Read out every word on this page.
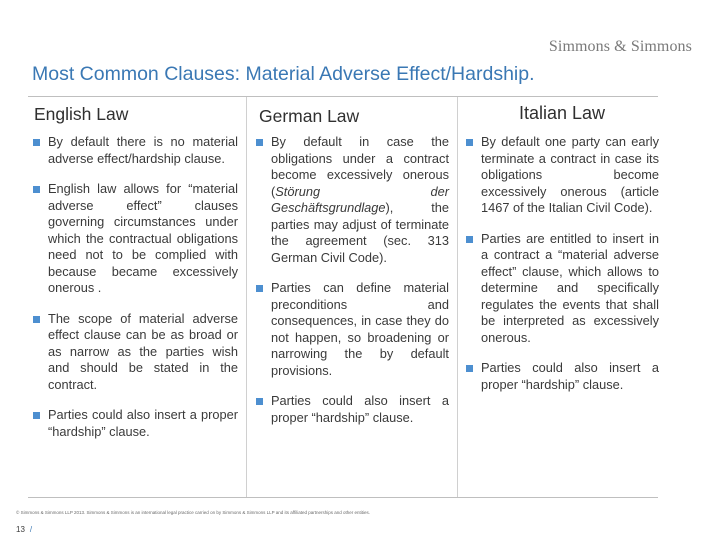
Simmons & Simmons
Most Common Clauses: Material Adverse Effect/Hardship.
English Law
By default there is no material adverse effect/hardship clause.
English law allows for “material adverse effect” clauses governing circumstances under which the contractual obligations need not to be complied with because became excessively onerous .
The scope of material adverse effect clause can be as broad or as narrow as the parties wish and should be stated in the contract.
Parties could also insert a proper “hardship” clause.
German Law
By default in case the obligations under a contract become excessively onerous (Störung der Geschäftsgrundlage), the parties may adjust of terminate the agreement (sec. 313 German Civil Code).
Parties can define material preconditions and consequences, in case they do not happen, so broadening or narrowing the by default provisions.
Parties could also insert a proper “hardship” clause.
Italian Law
By default one party can early terminate a contract in case its obligations become excessively onerous (article 1467 of the Italian Civil Code).
Parties are entitled to insert in a contract a “material adverse effect” clause, which allows to determine and specifically regulates the events that shall be interpreted as excessively onerous.
Parties could also insert a proper “hardship” clause.
© Simmons & Simmons LLP 2013. Simmons & Simmons is an international legal practice carried on by Simmons & Simmons LLP and its affiliated partnerships and other entities.
13 /
